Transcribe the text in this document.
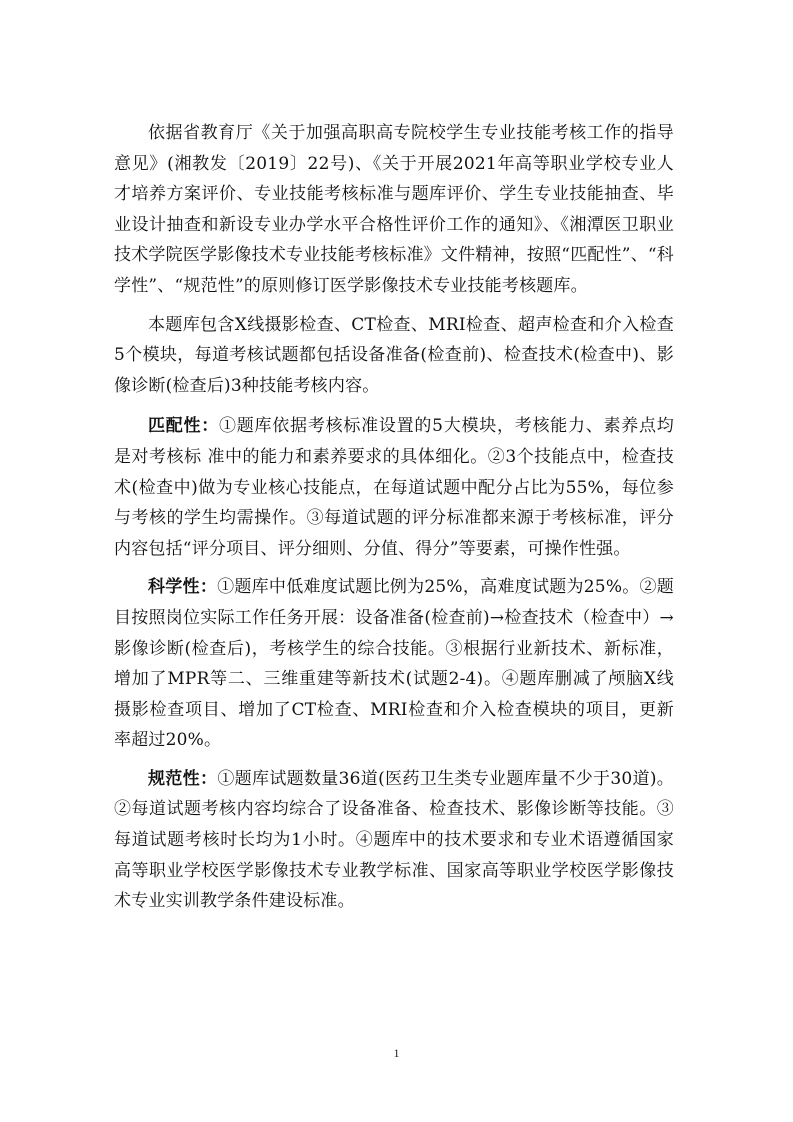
依据省教育厅《关于加强高职高专院校学生专业技能考核工作的指导意见》(湘教发〔2019〕22号)、《关于开展2021年高等职业学校专业人才培养方案评价、专业技能考核标准与题库评价、学生专业技能抽查、毕业设计抽查和新设专业办学水平合格性评价工作的通知》、《湘潭医卫职业技术学院医学影像技术专业技能考核标准》文件精神，按照“匹配性”、“科学性”、“规范性”的原则修订医学影像技术专业技能考核题库。

本题库包含X线摄影检查、CT检查、MRI检查、超声检查和介入检查5个模块，每道考核试题都包括设备准备(检查前)、检查技术(检查中)、影像诊断(检查后)3种技能考核内容。

匹配性：①题库依据考核标准设置的5大模块，考核能力、素养点均是对考核标 准中的能力和素养要求的具体细化。②3个技能点中，检查技术(检查中)做为专业核心技能点，在每道试题中配分占比为55%，每位参与考核的学生均需操作。③每道试题的评分标准都来源于考核标准，评分内容包括“评分项目、评分细则、分值、得分”等要素，可操作性强。

科学性：①题库中低难度试题比例为25%，高难度试题为25%。②题目按照岗位实际工作任务开展：设备准备(检查前)→检查技术（检查中）→影像诊断(检查后)，考核学生的综合技能。③根据行业新技术、新标准，增加了MPR等二、三维重建等新技术(试题2-4)。④题库删减了颅脑X线摄影检查项目、增加了CT检查、MRI检查和介入检查模块的项目，更新率超过20%。

规范性：①题库试题数量36道(医药卫生类专业题库量不少于30道)。②每道试题考核内容均综合了设备准备、检查技术、影像诊断等技能。③每道试题考核时长均为1小时。④题库中的技术要求和专业术语遵循国家高等职业学校医学影像技术专业教学标准、国家高等职业学校医学影像技术专业实训教学条件建设标准。

1
